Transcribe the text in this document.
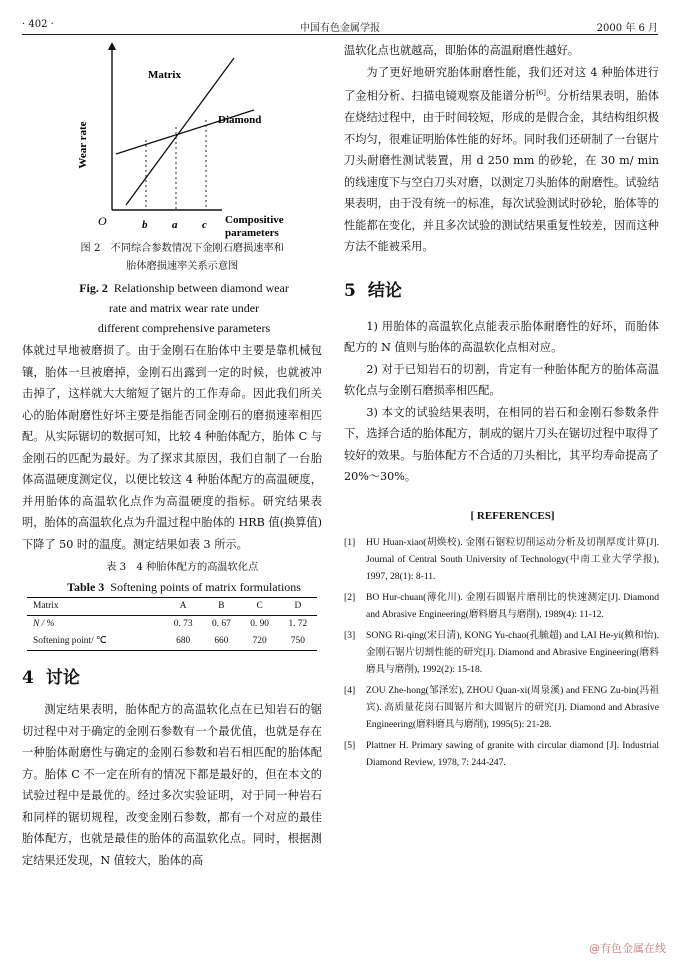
· 402 ·	中国有色金属学报	2000 年 6 月
Wear rate
Matrix
Diamond
O	b a c Compositive
parameters

图 2　不同综合参数情况下金刚石磨损速率和

胎体磨损速率关系示意图

Fig. 2 Relationship between diamond wear

rate and matrix wear rate under

different comprehensive parameters

体就过早地被磨损了。由于金刚石在胎体中主要是靠机械包镶，胎体一旦被磨掉，金刚石出露到一定的时候，也就被冲击掉了，这样就大大缩短了锯片的工作寿命。因此我们所关心的胎体耐磨性好坏主要是指能否同金刚石的磨损速率相匹配。从实际锯切的数据可知，比较 4 种胎体配方，胎体 C 与金刚石的匹配为最好。为了探求其原因，我们自制了一台胎体高温硬度测定仪，以便比较这 4 种胎体配方的高温硬度，并用胎体的高温软化点作为高温硬度的指标。研究结果表明，胎体的高温软化点为升温过程中胎体的 HRB 值(换算值)下降了 50 时的温度。测定结果如表 3 所示。

表 3　4 种胎体配方的高温软化点

Table 3 Softening points of matrix formulations

Matrix	A	B	C	D
N / %	0. 73	0. 67	0. 90	1. 72
Softening point/ ℃	680	660	720	750

4 讨论

测定结果表明，胎体配方的高温软化点在已知岩石的锯切过程中对于确定的金刚石参数有一个最优值，也就是存在一种胎体耐磨性与确定的金刚石参数和岩石相匹配的胎体配方。胎体 C 不一定在所有的情况下都是最好的，但在本文的试验过程中是最优的。经过多次实验证明，对于同一种岩石和同样的锯切规程，改变金刚石参数，都有一个对应的最佳胎体配方，也就是最佳的胎体的高温软化点。同时，根据测定结果还发现，N 值较大，胎体的高

温软化点也就越高，即胎体的高温耐磨性越好。

为了更好地研究胎体耐磨性能，我们还对这 4 种胎体进行了金相分析、扫描电镜观察及能谱分析[6]。分析结果表明，胎体在烧结过程中，由于时间较短，形成的是假合金，其结构组织极不均匀，很难证明胎体性能的好坏。同时我们还研制了一台锯片刀头耐磨性测试装置，用 d 250 mm 的砂轮，在 30 m/ min 的线速度下与空白刀头对磨，以测定刀头胎体的耐磨性。试验结果表明，由于没有统一的标准，每次试验测试时砂轮，胎体等的性能都在变化，并且多次试验的测试结果重复性较差，因而这种方法不能被采用。

5 结论

1) 用胎体的高温软化点能表示胎体耐磨性的好坏，而胎体配方的 N 值则与胎体的高温软化点相对应。

2) 对于已知岩石的切割，肯定有一种胎体配方的胎体高温软化点与金刚石磨损率相匹配。

3) 本文的试验结果表明，在相同的岩石和金刚石参数条件下，选择合适的胎体配方，制成的锯片刀头在锯切过程中取得了较好的效果。与胎体配方不合适的刀头相比，其平均寿命提高了 20%～30%。

[ REFERENCES]

[1]	HU Huan-xiao(胡焕校). 金刚石锯粒切削运动分析及切削厚度计算[J]. Journal of Central South University of Technology(中南工业大学学报), 1997, 28(1): 8-11.
[2]	BO Hur-chuan(薄化川). 金刚石圆锯片磨削比的快速测定[J]. Diamond and Abrasive Engineering(磨料磨具与磨削), 1989(4): 11-12.
[3]	SONG Ri-qing(宋日清), KONG Yu-chao(孔毓超) and LAI He-yi(赖和怡). 金刚石锯片切割性能的研究[J]. Diamond and Abrasive Engineering(磨料磨具与磨削), 1992(2): 15-18.
[4]	ZOU Zhe-hong(邹泽宏), ZHOU Quan-xi(周泉溪) and FENG Zu-bin(冯祖宾). 高质量花岗石圆锯片和大圆锯片的研究[J]. Diamond and Abrasive Engineering(磨料磨具与磨削), 1995(5): 21-28.
[5]	Plattner H. Primary sawing of granite with circular diamond [J]. Industrial Diamond Review, 1978, 7: 244-247.
@有色金属在线
